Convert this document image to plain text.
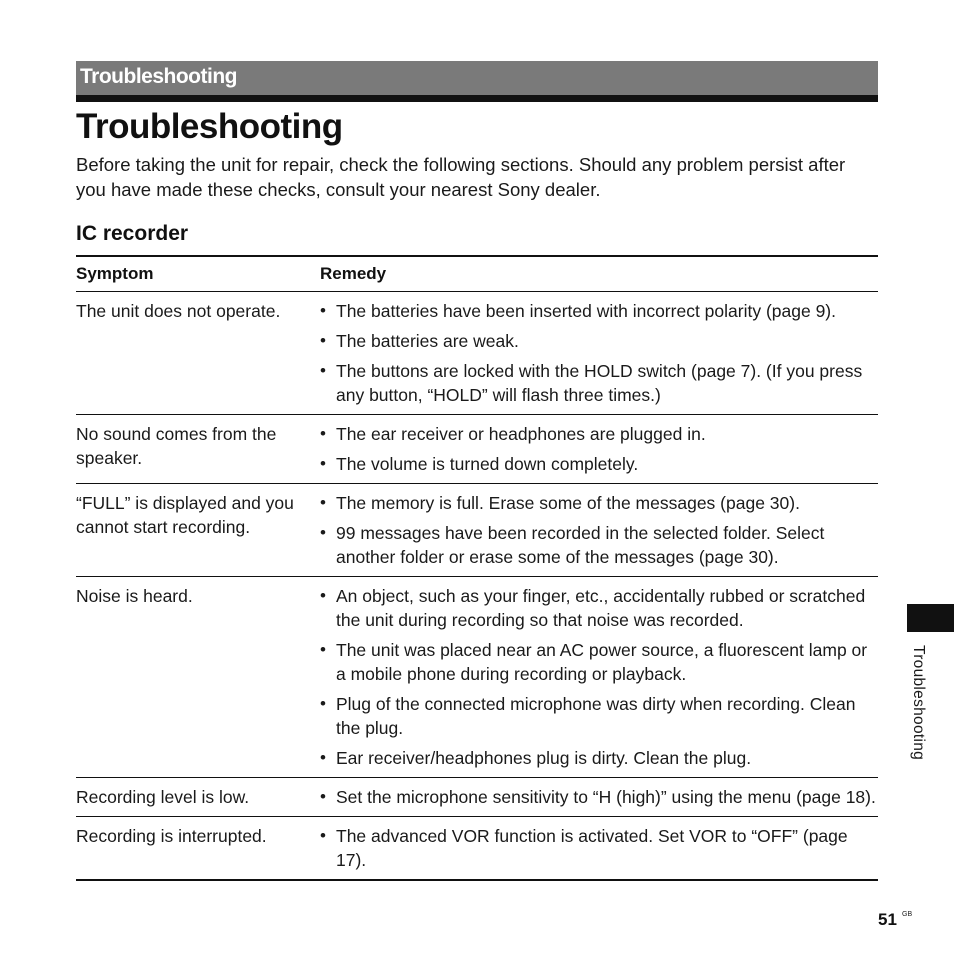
Troubleshooting
Troubleshooting

Before taking the unit for repair, check the following sections. Should any problem persist after you have made these checks, consult your nearest Sony dealer.

IC recorder
Symptom	Remedy
The unit does not operate.	• The batteries have been inserted with incorrect polarity (page 9).
• The batteries are weak.
• The buttons are locked with the HOLD switch (page 7). (If you press any button, “HOLD” will flash three times.)
No sound comes from the speaker.
• The ear receiver or headphones are plugged in.
• The volume is turned down completely.
“FULL” is displayed and you cannot start recording.
• The memory is full. Erase some of the messages (page 30).
• 99 messages have been recorded in the selected folder. Select another folder or erase some of the messages (page 30).
Noise is heard.	• An object, such as your finger, etc., accidentally rubbed or scratched the unit during recording so that noise was recorded.
• The unit was placed near an AC power source, a fluorescent lamp or a mobile phone during recording or playback.
• Plug of the connected microphone was dirty when recording. Clean the plug.
• Ear receiver/headphones plug is dirty. Clean the plug.
Recording level is low.	• Set the microphone sensitivity to “H (high)” using the menu (page 18).
Recording is interrupted.	• The advanced VOR function is activated. Set VOR to “OFF” (page 17).
Troubleshooting
51 GB
